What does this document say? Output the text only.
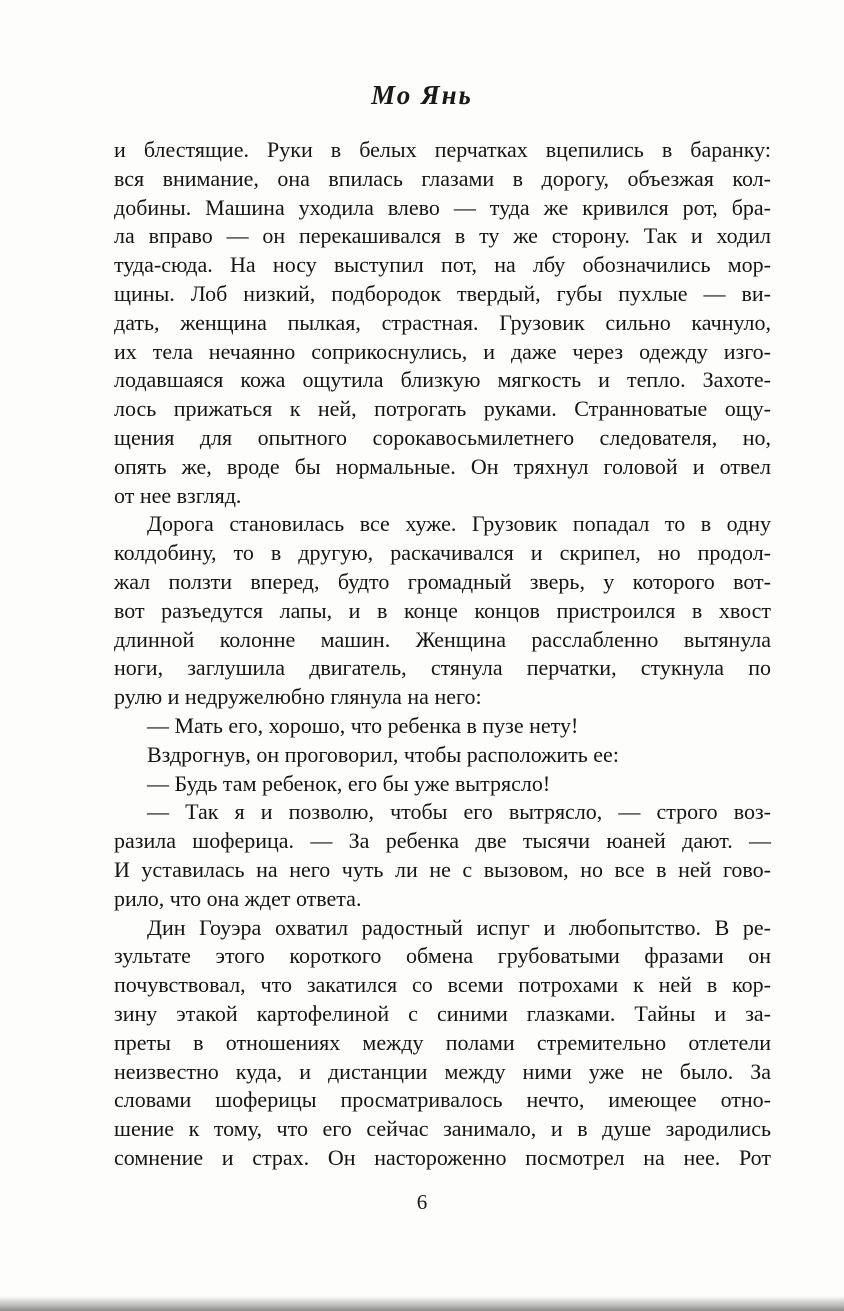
Мо Янь
и блестящие. Руки в белых перчатках вцепились в баранку:
вся внимание, она впилась глазами в дорогу, объезжая кол-
добины. Машина уходила влево — туда же кривился рот, бра-
ла вправо — он перекашивался в ту же сторону. Так и ходил
туда-сюда. На носу выступил пот, на лбу обозначились мор-
щины. Лоб низкий, подбородок твердый, губы пухлые — ви-
дать, женщина пылкая, страстная. Грузовик сильно качнуло,
их тела нечаянно соприкоснулись, и даже через одежду изго-
лодавшаяся кожа ощутила близкую мягкость и тепло. Захоте-
лось прижаться к ней, потрогать руками. Странноватые ощу-
щения для опытного сорокавосьмилетнего следователя, но,
опять же, вроде бы нормальные. Он тряхнул головой и отвел
от нее взгляд.
Дорога становилась все хуже. Грузовик попадал то в одну
колдобину, то в другую, раскачивался и скрипел, но продол-
жал ползти вперед, будто громадный зверь, у которого вот-
вот разъедутся лапы, и в конце концов пристроился в хвост
длинной колонне машин. Женщина расслабленно вытянула
ноги, заглушила двигатель, стянула перчатки, стукнула по
рулю и недружелюбно глянула на него:
— Мать его, хорошо, что ребенка в пузе нету!
Вздрогнув, он проговорил, чтобы расположить ее:
— Будь там ребенок, его бы уже вытрясло!
— Так я и позволю, чтобы его вытрясло, — строго воз-
разила шоферица. — За ребенка две тысячи юаней дают. —
И уставилась на него чуть ли не с вызовом, но все в ней гово-
рило, что она ждет ответа.
Дин Гоуэра охватил радостный испуг и любопытство. В ре-
зультате этого короткого обмена грубоватыми фразами он
почувствовал, что закатился со всеми потрохами к ней в кор-
зину этакой картофелиной с синими глазками. Тайны и за-
преты в отношениях между полами стремительно отлетели
неизвестно куда, и дистанции между ними уже не было. За
словами шоферицы просматривалось нечто, имеющее отно-
шение к тому, что его сейчас занимало, и в душе зародились
сомнение и страх. Он настороженно посмотрел на нее. Рот
6
